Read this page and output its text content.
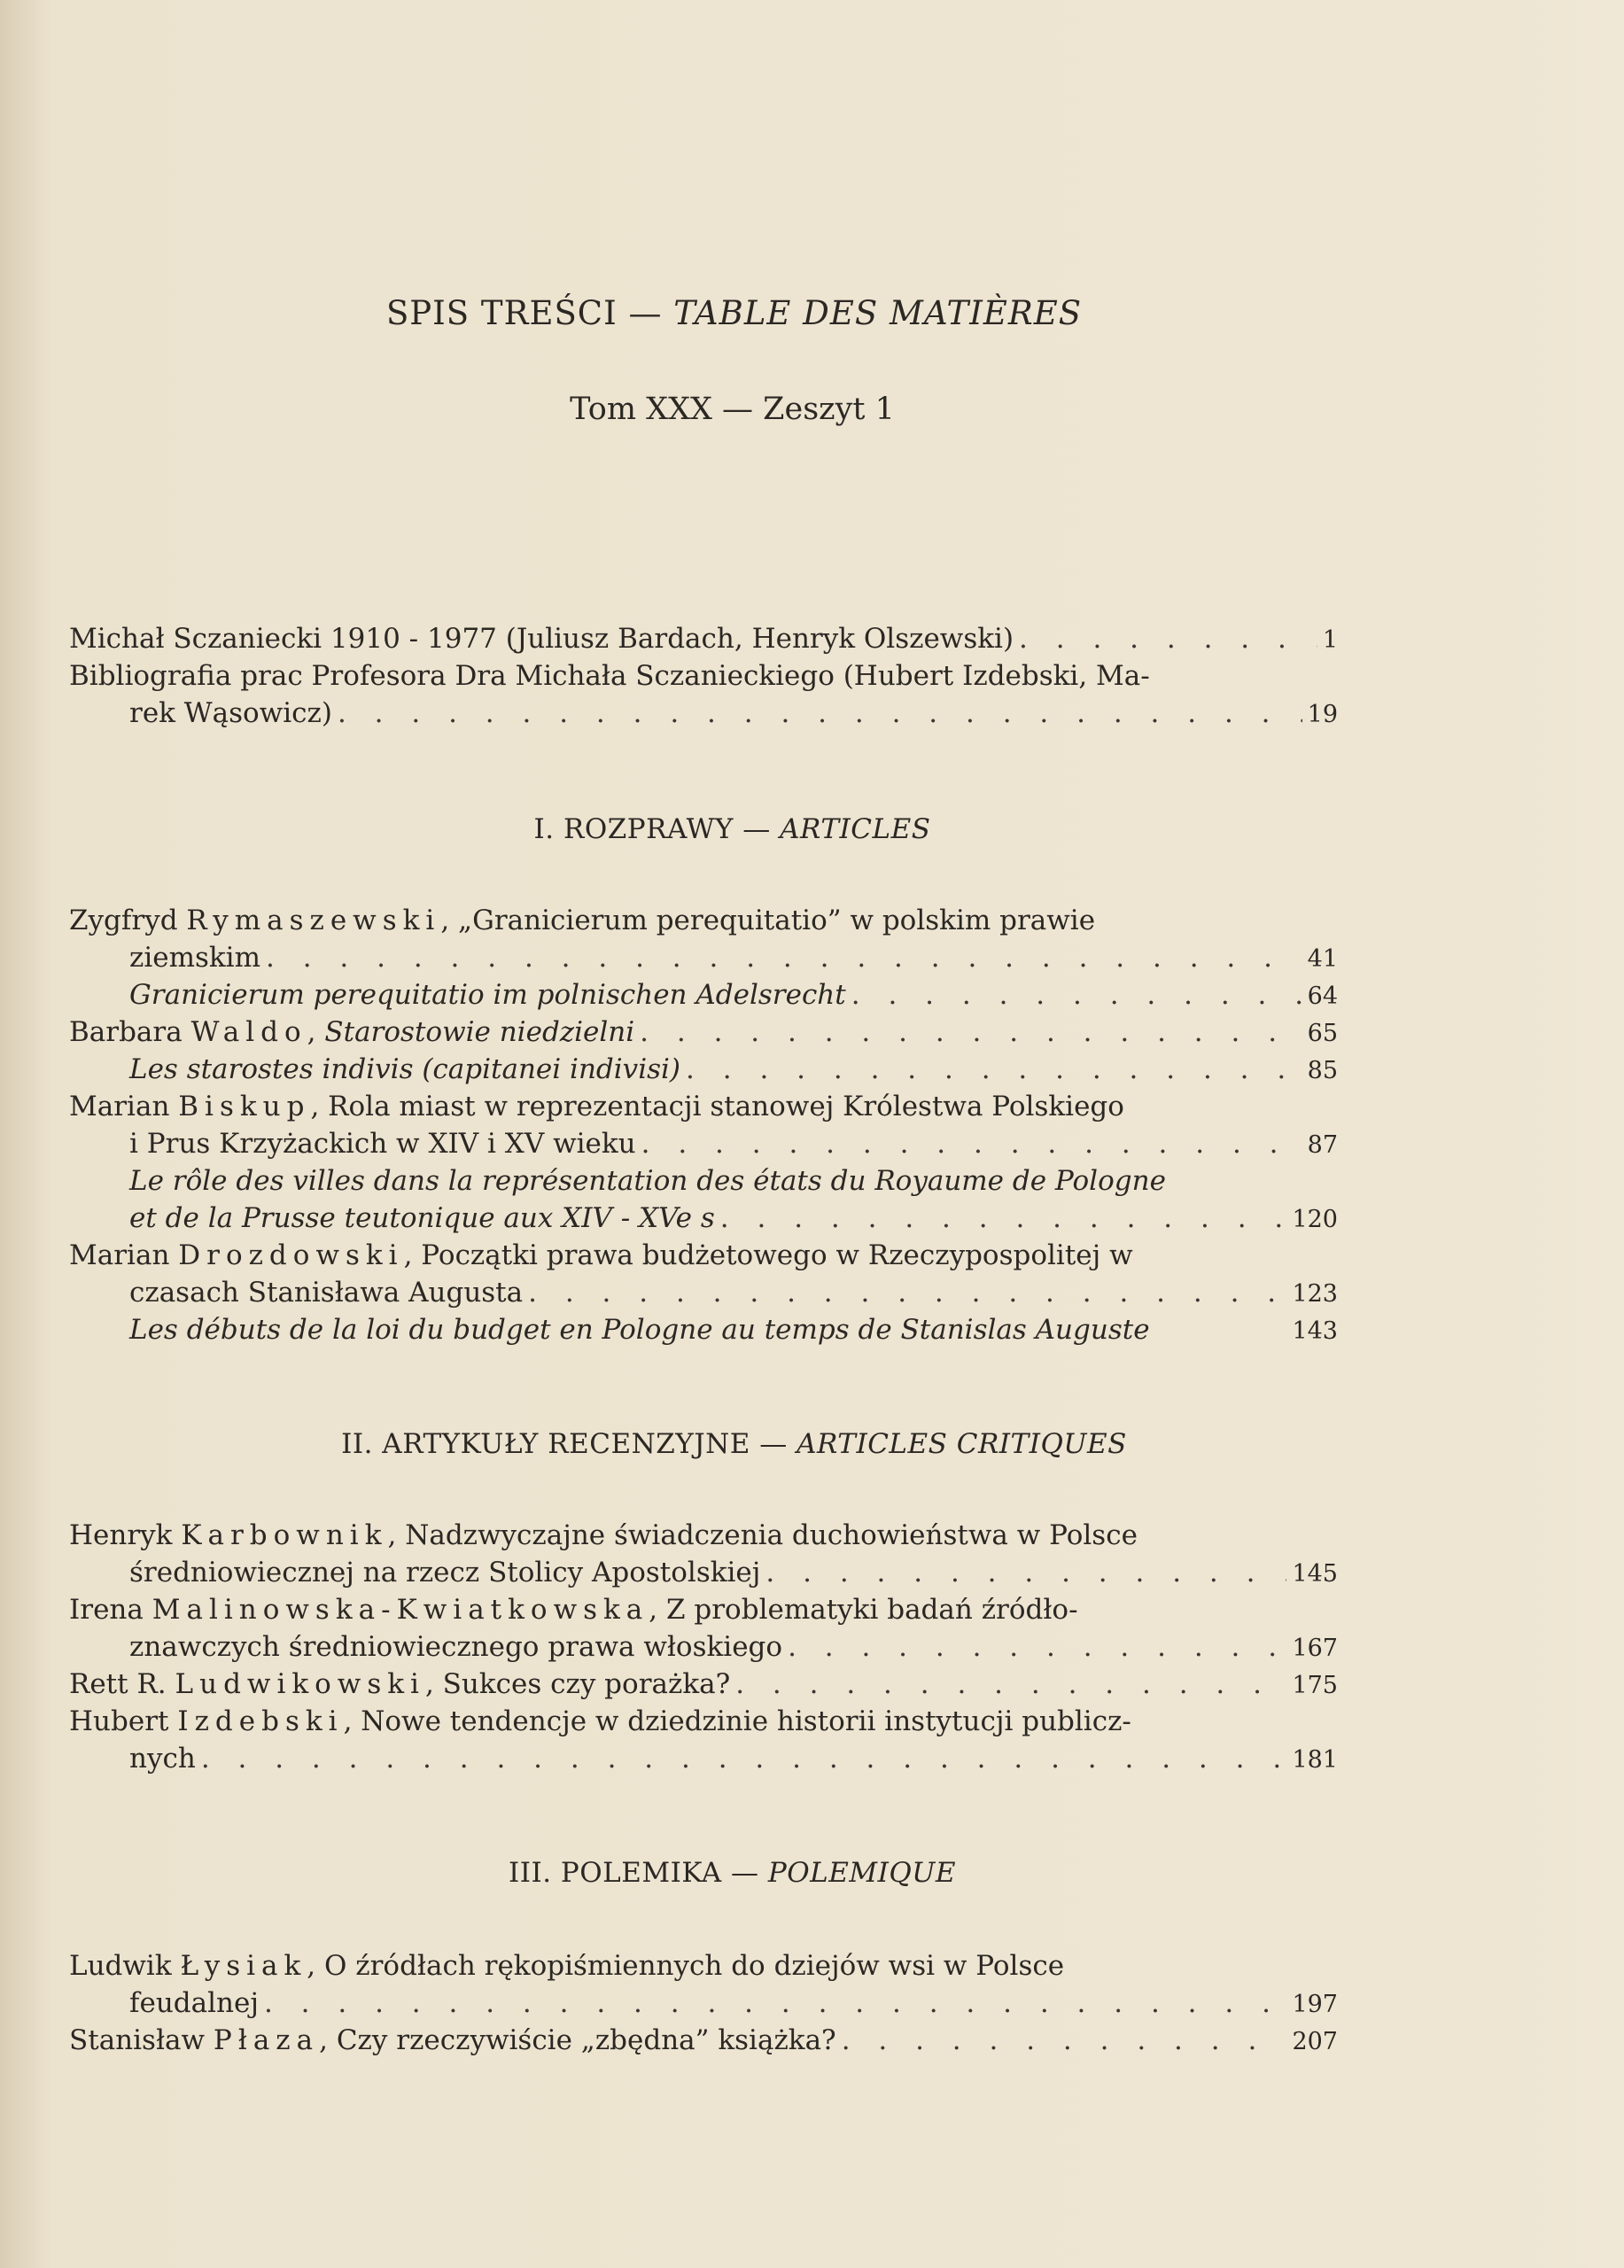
SPIS TREŚCI — TABLE DES MATIÈRES
Tom XXX — Zeszyt 1
Michał Sczaniecki 1910 - 1977 (Juliusz Bardach, Henryk Olszewski) . . .	1
Bibliografia prac Profesora Dra Michała Sczanieckiego (Hubert Izdebski, Ma-
rek Wąsowicz) . . .	19
I. ROZPRAWY — ARTICLES
Zygfryd Rymaszewski, „Granicierum perequitatio” w polskim prawie
ziemskim . . .	41
Granicierum perequitatio im polnischen Adelsrecht . . .	64
Barbara Waldo, Starostowie niedzielni . . .	65
Les starostes indivis (capitanei indivisi) . . .	85
Marian Biskup, Rola miast w reprezentacji stanowej Królestwa Polskiego
i Prus Krzyżackich w XIV i XV wieku . . .	87
Le rôle des villes dans la représentation des états du Royaume de Pologne
et de la Prusse teutonique aux XIV - XVe s . . .	120
Marian Drozdowski, Początki prawa budżetowego w Rzeczypospolitej w
czasach Stanisława Augusta . . .	123
Les débuts de la loi du budget en Pologne au temps de Stanislas Auguste	143
II. ARTYKUŁY RECENZYJNE — ARTICLES CRITIQUES
Henryk Karbownik, Nadzwyczajne świadczenia duchowieństwa w Polsce
średniowiecznej na rzecz Stolicy Apostolskiej . . .	145
Irena Malinowska-Kwiatkowska, Z problematyki badań źródło-
znawczych średniowiecznego prawa włoskiego . . .	167
Rett R. Ludwikowski, Sukces czy porażka? . . .	175
Hubert Izdebski, Nowe tendencje w dziedzinie historii instytucji publicz-
nych . . .	181
III. POLEMIKA — POLEMIQUE
Ludwik Łysiak, O źródłach rękopiśmiennych do dziejów wsi w Polsce
feudalnej . . .	197
Stanisław Płaza, Czy rzeczywiście „zbędna” książka? . . .	207
